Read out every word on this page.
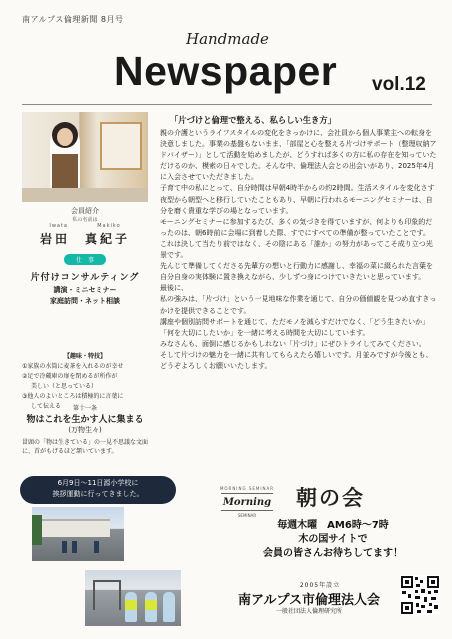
南アルプス倫理新聞 8月号
Handmade
Newspaper vol.12
会員紹介
私の名前は
Iwata	Makiko
岩田　真紀子
仕　事
片付けコンサルティング
講演・ミニセミナー
家庭訪問・ネット相談
【趣味・特技】
①家族の水筒に麦茶を入れるのが幸せ
②足で冷蔵庫の扉を閉めるが所作が
美しい（と思っている）
③他人のよいところは積極的に言葉に
して伝える	第十一条
物はこれを生かす人に集まる
(万物生々)
冒頭の「物は生きている」の一見不思議な文面に、首がもげるほど頷いています。
「片づけと倫理で整える、私らしい生き方」

親の介護というライフスタイルの変化をきっかけに、会社員から個人事業主への転身を決意しました。事業の基盤もないまま、「部屋と心を整える片づけサポート（整理収納アドバイザー）」として活動を始めましたが、どうすれば多くの方に私の存在を知っていただけるのか、模索の日々でした。そんな中、倫理法人会との出会いがあり、2025年4月に入会させていただきました。

子育て中の私にとって、自分時間は早朝4時半からの約2時間。生活スタイルを変化さす夜型から朝型へと移行していたこともあり、早朝に行われるモーニングセミナーは、自分を磨く貴重な学びの場となっています。

モーニングセミナーに参加するたび、多くの気づきを得ていますが、何よりも印象的だったのは、朝6時前に会場に到着した際、すでにすべての準備が整っていたことです。

これは決して当たり前ではなく、その陰にある「誰か」の努力があってこそ成り立つ光景です。

先んじて準備してくださる先輩方の想いと行動力に感謝し、幸福の菜に綴られた言葉を自分自身の実体験に置き換えながら、少しずつ身につけていきたいと思っています。

最後に、

私の強みは、「片づけ」という一見地味な作業を通じて、自分の価値観を見つめ直すきっかけを提供できることです。

講座や個別訪問サポートを通じて、ただモノを減らすだけでなく、「どう生きたいか」「何を大切にしたいか」を一緒に考える時間を大切にしています。

みなさんも、面倒に感じるかもしれない「片づけ」にぜひトライしてみてください。

そして片づけの魅力を一緒に共有してもらえたら嬉しいです。月並みですが今後とも、どうぞよろしくお願いいたします。

6月9日～11日源小学校に
挨拶運動に行ってきました。
MORNING SEMINAR
Morning
SEMINAR
朝の会
毎週木曜　AM6時〜7時
木の国サイトで
会員の皆さんお待ちしてます！
2005年設立
南アルプス市倫理法人会
一般社団法人倫理研究所
